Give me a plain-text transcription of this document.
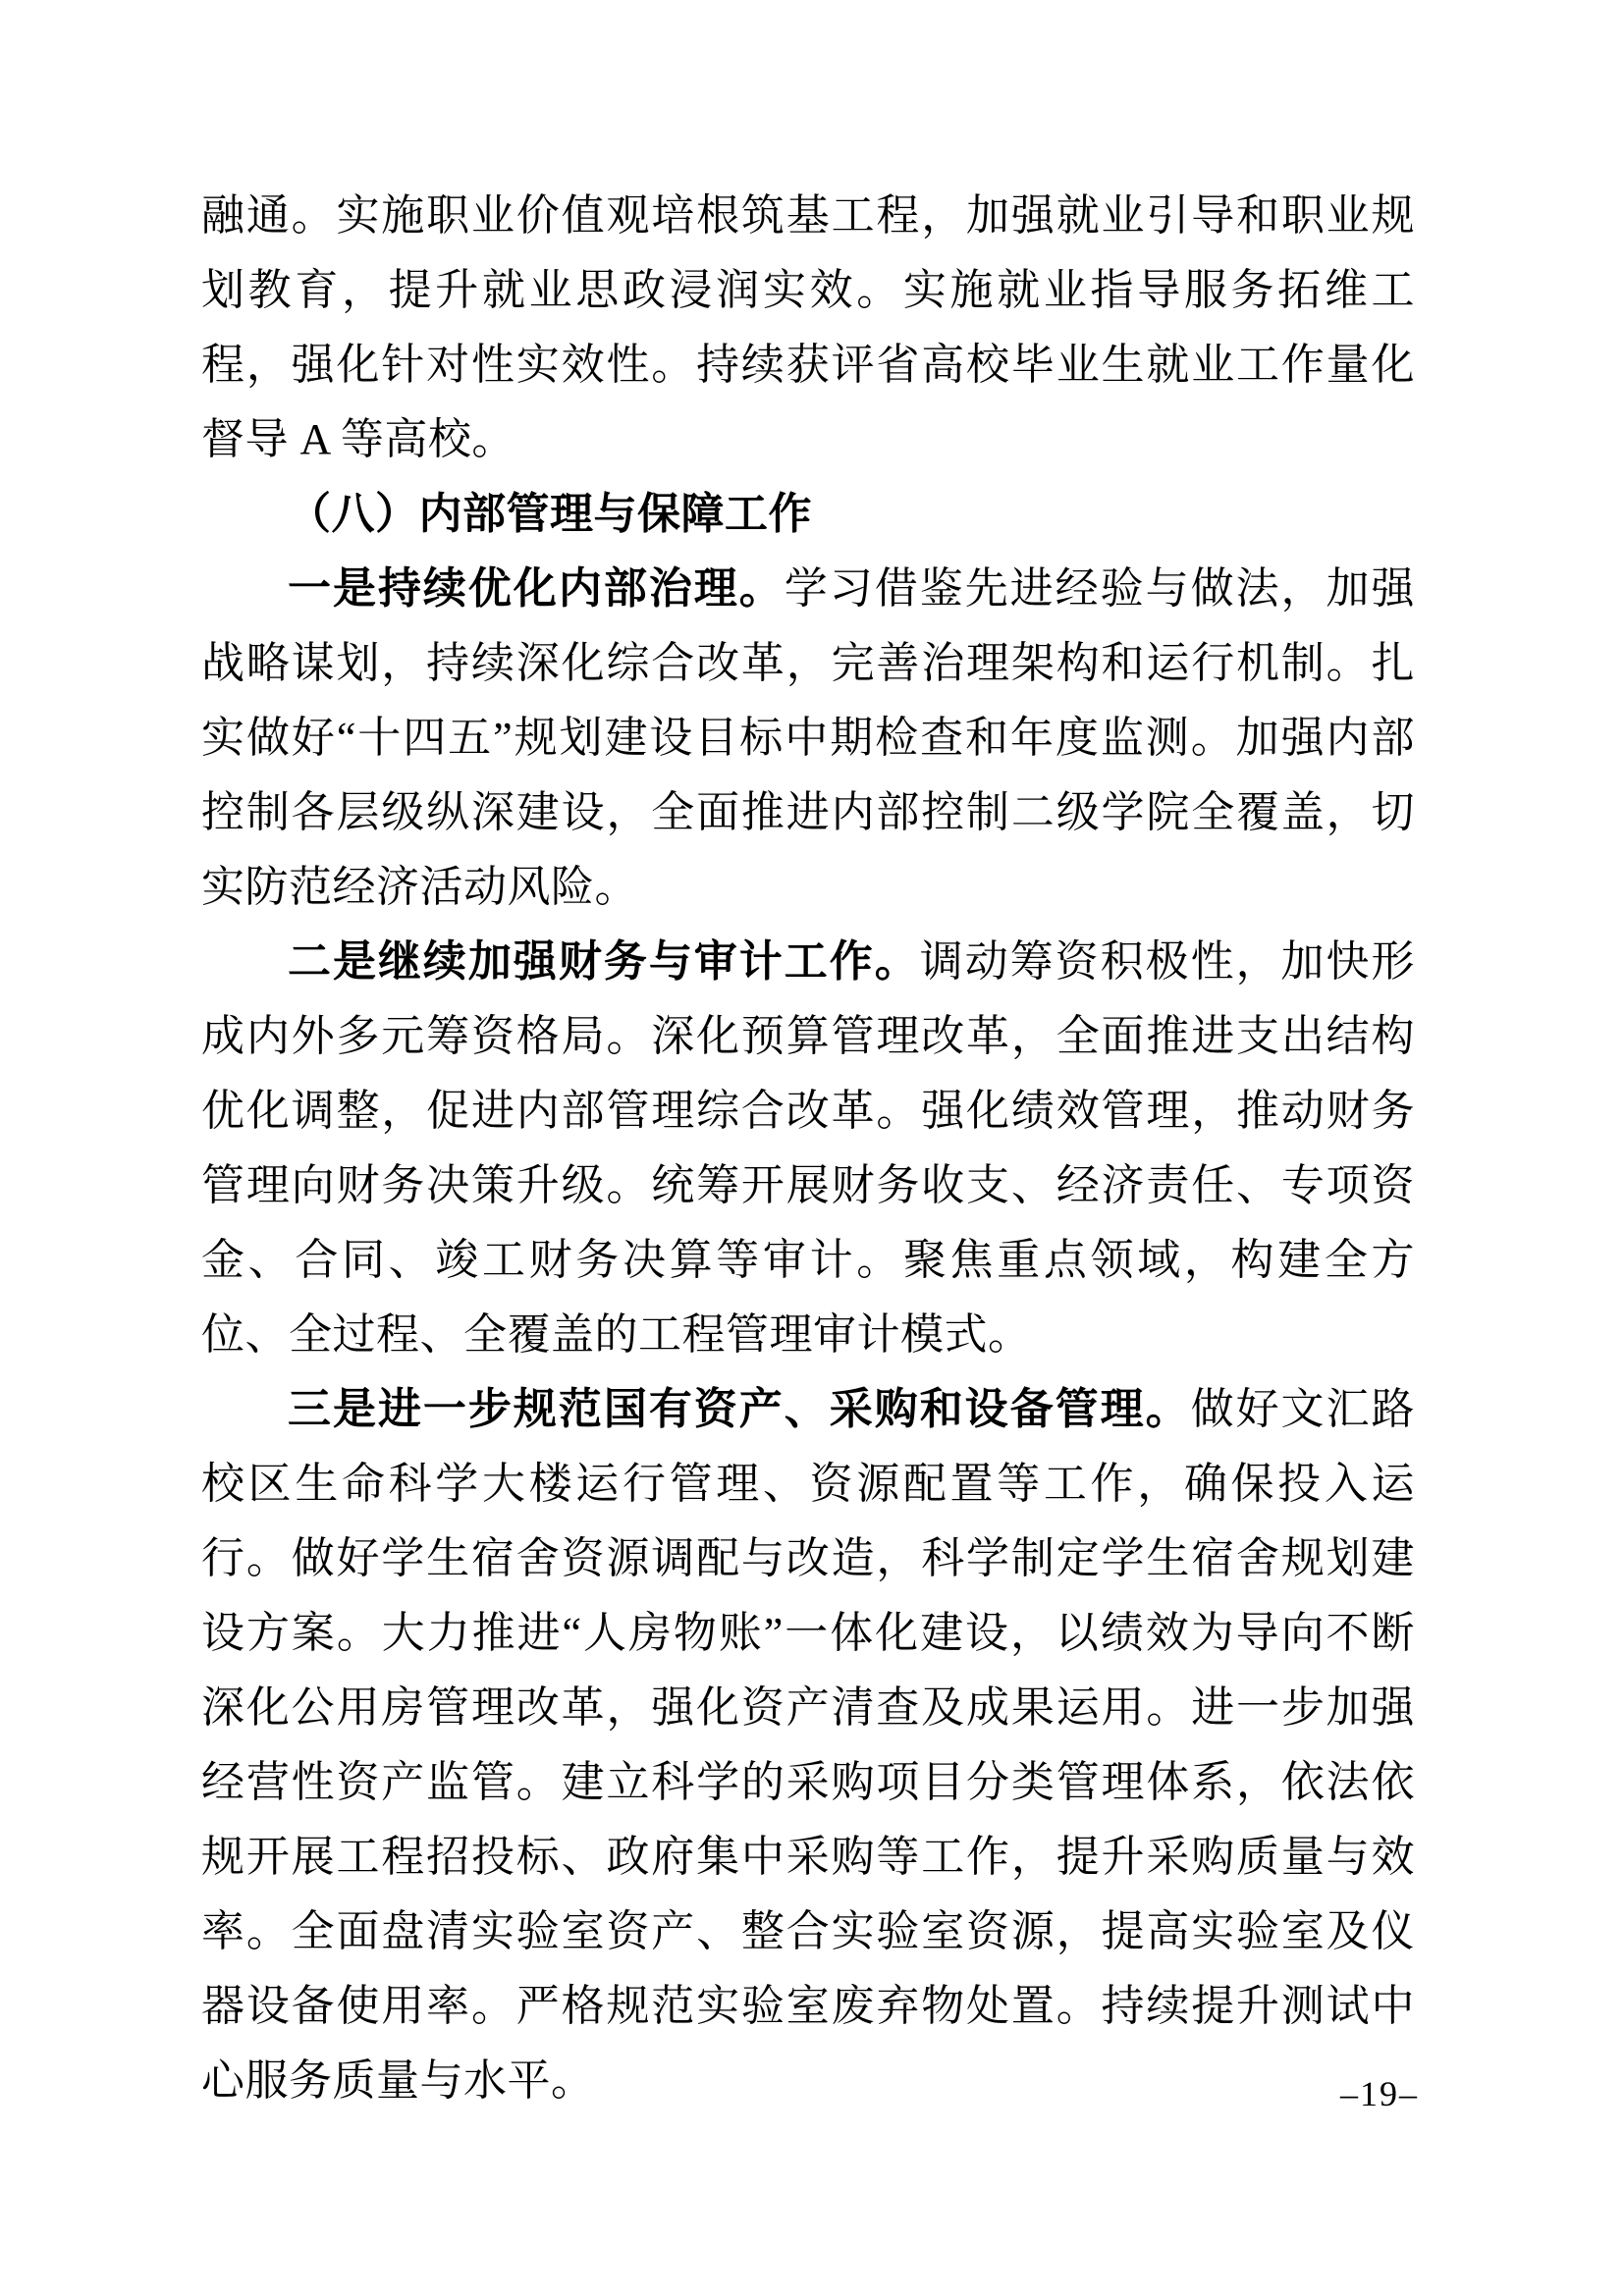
融通。实施职业价值观培根筑基工程，加强就业引导和职业规划教育，提升就业思政浸润实效。实施就业指导服务拓维工程，强化针对性实效性。持续获评省高校毕业生就业工作量化督导 A 等高校。

（八）内部管理与保障工作

一是持续优化内部治理。学习借鉴先进经验与做法，加强战略谋划，持续深化综合改革，完善治理架构和运行机制。扎实做好“十四五”规划建设目标中期检查和年度监测。加强内部控制各层级纵深建设，全面推进内部控制二级学院全覆盖，切实防范经济活动风险。

二是继续加强财务与审计工作。调动筹资积极性，加快形成内外多元筹资格局。深化预算管理改革，全面推进支出结构优化调整，促进内部管理综合改革。强化绩效管理，推动财务管理向财务决策升级。统筹开展财务收支、经济责任、专项资金、合同、竣工财务决算等审计。聚焦重点领域，构建全方位、全过程、全覆盖的工程管理审计模式。

三是进一步规范国有资产、采购和设备管理。做好文汇路校区生命科学大楼运行管理、资源配置等工作，确保投入运行。做好学生宿舍资源调配与改造，科学制定学生宿舍规划建设方案。大力推进“人房物账”一体化建设，以绩效为导向不断深化公用房管理改革，强化资产清查及成果运用。进一步加强经营性资产监管。建立科学的采购项目分类管理体系，依法依规开展工程招投标、政府集中采购等工作，提升采购质量与效率。全面盘清实验室资产、整合实验室资源，提高实验室及仪器设备使用率。严格规范实验室废弃物处置。持续提升测试中心服务质量与水平。	–19–
